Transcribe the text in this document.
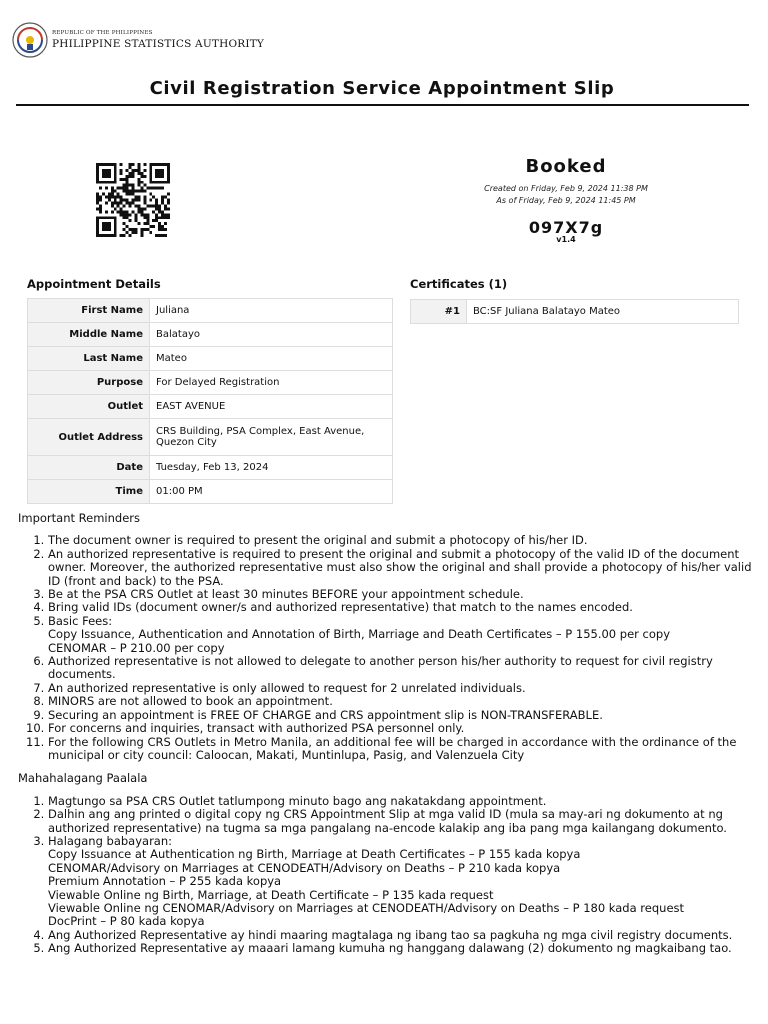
REPUBLIC OF THE PHILIPPINES
PHILIPPINE STATISTICS AUTHORITY
Civil Registration Service Appointment Slip
Booked
Created on Friday, Feb 9, 2024 11:38 PM
As of Friday, Feb 9, 2024 11:45 PM
097X7g
v1.4
Appointment Details
First Name	Juliana
Middle Name	Balatayo
Last Name	Mateo
Purpose	For Delayed Registration
Outlet	EAST AVENUE
Outlet Address	CRS Building, PSA Complex, East Avenue, Quezon City
Date	Tuesday, Feb 13, 2024
Time	01:00 PM
Certificates (1)
#1	BC:SF Juliana Balatayo Mateo
Important Reminders
1. The document owner is required to present the original and submit a photocopy of his/her ID.
2. An authorized representative is required to present the original and submit a photocopy of the valid ID of the document owner. Moreover, the authorized representative must also show the original and shall provide a photocopy of his/her valid ID (front and back) to the PSA.
3. Be at the PSA CRS Outlet at least 30 minutes BEFORE your appointment schedule.
4. Bring valid IDs (document owner/s and authorized representative) that match to the names encoded.
5. Basic Fees:
Copy Issuance, Authentication and Annotation of Birth, Marriage and Death Certificates – P 155.00 per copy
CENOMAR – P 210.00 per copy
6. Authorized representative is not allowed to delegate to another person his/her authority to request for civil registry documents.
7. An authorized representative is only allowed to request for 2 unrelated individuals.
8. MINORS are not allowed to book an appointment.
9. Securing an appointment is FREE OF CHARGE and CRS appointment slip is NON-TRANSFERABLE.
10. For concerns and inquiries, transact with authorized PSA personnel only.
11. For the following CRS Outlets in Metro Manila, an additional fee will be charged in accordance with the ordinance of the municipal or city council: Caloocan, Makati, Muntinlupa, Pasig, and Valenzuela City
Mahahalagang Paalala
1. Magtungo sa PSA CRS Outlet tatlumpong minuto bago ang nakatakdang appointment.
2. Dalhin ang ang printed o digital copy ng CRS Appointment Slip at mga valid ID (mula sa may-ari ng dokumento at ng authorized representative) na tugma sa mga pangalang na-encode kalakip ang iba pang mga kailangang dokumento.
3. Halagang babayaran:
Copy Issuance at Authentication ng Birth, Marriage at Death Certificates – P 155 kada kopya
CENOMAR/Advisory on Marriages at CENODEATH/Advisory on Deaths – P 210 kada kopya
Premium Annotation – P 255 kada kopya
Viewable Online ng Birth, Marriage, at Death Certificate – P 135 kada request
Viewable Online ng CENOMAR/Advisory on Marriages at CENODEATH/Advisory on Deaths – P 180 kada request
DocPrint – P 80 kada kopya
4. Ang Authorized Representative ay hindi maaring magtalaga ng ibang tao sa pagkuha ng mga civil registry documents.
5. Ang Authorized Representative ay maaari lamang kumuha ng hanggang dalawang (2) dokumento ng magkaibang tao.
